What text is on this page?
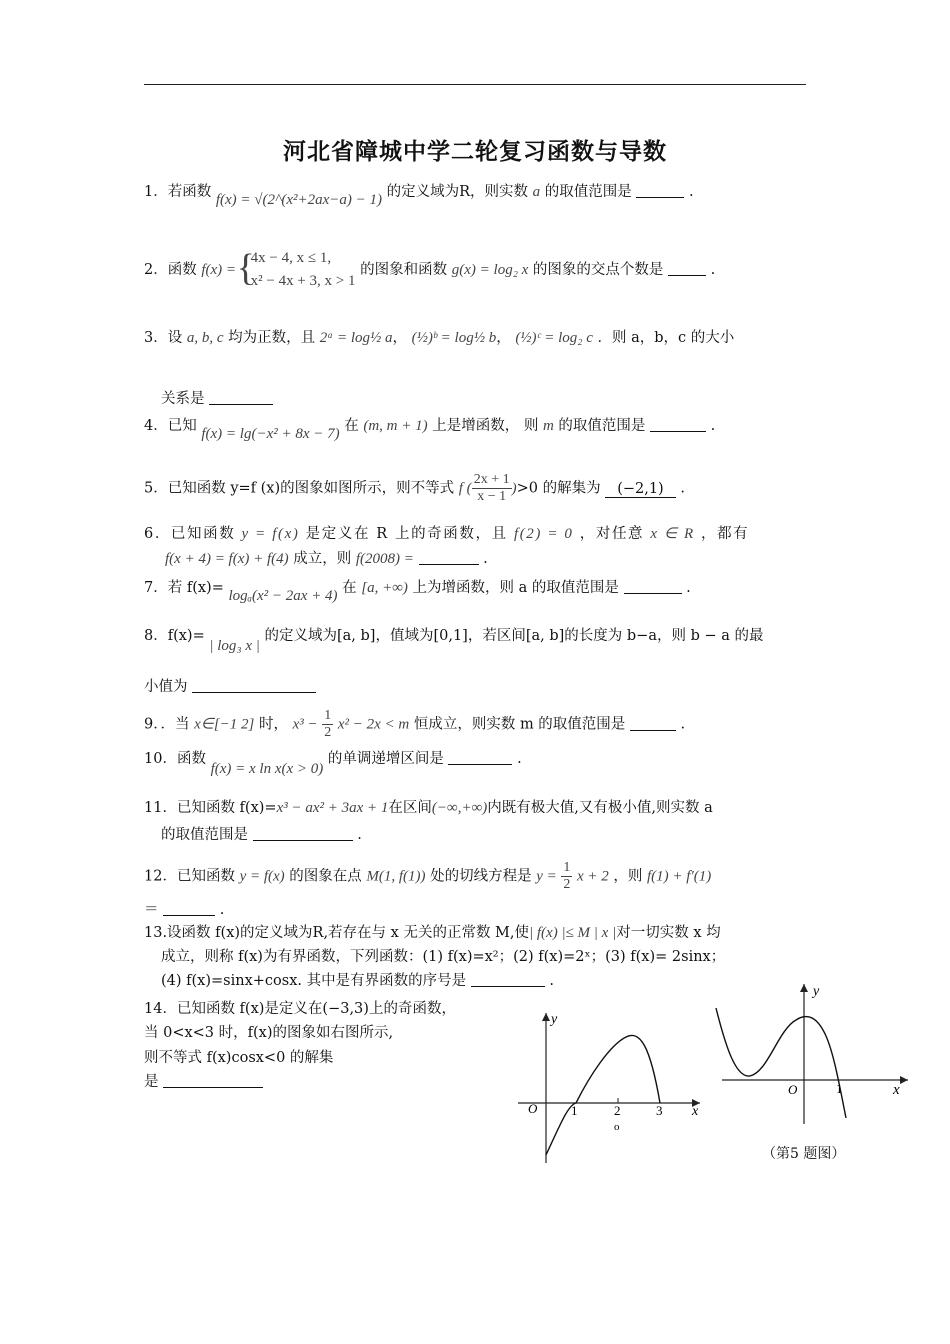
河北省障城中学二轮复习函数与导数
1．若函数 f(x) = √(2^(x²+2ax−a) − 1) 的定义域为R，则实数 a 的取值范围是	.
2．函数 f(x) =
{ 4x − 4, x ≤ 1,
x² − 4x + 3, x > 1
的图象和函数 g(x) = log₂ x 的图象的交点个数是	.
3．设 a, b, c 均为正数，且 2ᵃ = log½ a， (½)ᵇ = log½ b， (½)ᶜ = log₂ c ．则 a，b，c 的大小
关系是
4．已知 f(x) = lg(−x² + 8x − 7) 在 (m, m + 1) 上是增函数， 则 m 的取值范围是	.
5．已知函数 y=f (x)的图象如图所示，则不等式 f ( $\frac{2x + 1}{x - 1} )>0$ 的解集为 (−2,1) .
6．已知函数 y = f(x) 是定义在 R 上的奇函数，且 f(2) = 0 ，对任意 x ∈ R ，都有
f(x + 4) = f(x) + f(4) 成立，则 f(2008) =	.
7．若 f(x)= logₐ(x² − 2ax + 4) 在 [a, +∞) 上为增函数，则 a 的取值范围是	.
8．f(x)= | log₃ x | 的定义域为[a, b]，值域为[0,1]，若区间[a, b]的长度为 b−a，则 b − a 的最
小值为
9．．当 x∈[−1 2] 时， $x^3 - \frac{1}{2} x^2 - 2x < m$ 恒成立，则实数 m 的取值范围是	.
10．函数 f(x) = x ln x(x > 0) 的单调递增区间是	.
11．已知函数 f(x)=x³ − ax² + 3ax + 1在区间(−∞,+∞)内既有极大值,又有极小值,则实数 a
的取值范围是	.
12．已知函数 y = f(x) 的图象在点 M(1, f(1)) 处的切线方程是 $y = \frac{1}{2}$ x + 2 ，则 f(1) + f′(1)
＝	.
13.设函数 f(x)的定义域为R,若存在与 x 无关的正常数 M,使| f(x) |≤ M | x |对一切实数 x 均
成立，则称 f(x)为有界函数，下列函数：(1) f(x)=x²；(2) f(x)=2ˣ；(3) f(x)= 2sinx；
(4) f(x)=sinx+cosx. 其中是有界函数的序号是	.
14．已知函数 f(x)是定义在(−3,3)上的奇函数，
当 0<x<3 时，f(x)的图象如右图所示,
则不等式 f(x)cosx<0 的解集
是
y
x
O	1	2	3
o
y
x
O	1
（第5 题图）
